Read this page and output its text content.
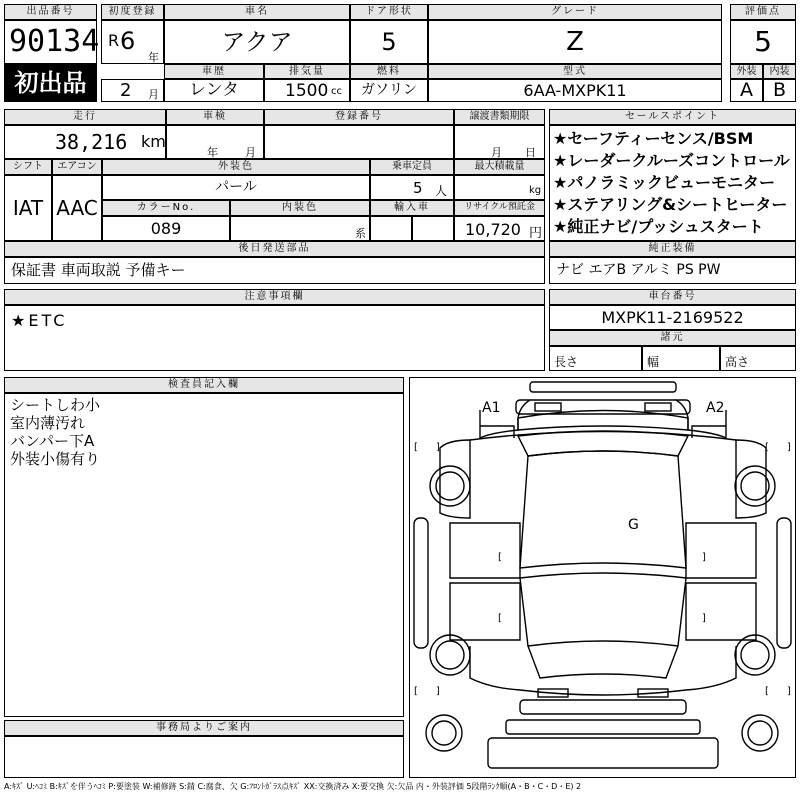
出品番号
90134
初出品
初度登録
R 6
年
2 月
車名
アクア
ドア形状
5
グレード
Z
評価点
5
車歴
レンタ
排気量
1500 cc
燃料
ガソリン
型式
6AA-MXPK11
外装	内装
A	B
走行
38,216 km
車検
年 月
登録番号	譲渡書類期限
月 日
シフト
IAT
エアコン
AAC
外装色
パール
乗車定員
5 人
最大積載量
kg
カラーNo.
089
内装色
系
輸入車	リサイクル預託金
10,720 円
後日発送部品
保証書 車両取説 予備キー
セールスポイント
★セーフティーセンス/BSM
★レーダークルーズコントロール
★パノラミックビューモニター
★ステアリング&シートヒーター
★純正ナビ/プッシュスタート
純正装備
ナビ エアB アルミ PS PW
注意事項欄
★ETC
車台番号
MXPK11-2169522
諸元
長さ	幅	高さ
検査員記入欄
シートしわ小
室内薄汚れ
バンパー下A
外装小傷有り
事務局よりご案内
[ ]	[ ]
[ ]	[ ]
[	]
[	]
A1	A2
G
A:ｷｽﾞ U:ﾍｺﾐ B:ｷｽﾞを伴うﾍｺﾐ P:要塗装 W:補修跡 S:錆 C:腐食、欠 G:ﾌﾛﾝﾄｶﾞﾗｽ点ｷｽﾞ XX:交換済み X:要交換 欠:欠品 内・外装評価 5段階ﾗﾝｸ順(A・B・C・D・E) 2
